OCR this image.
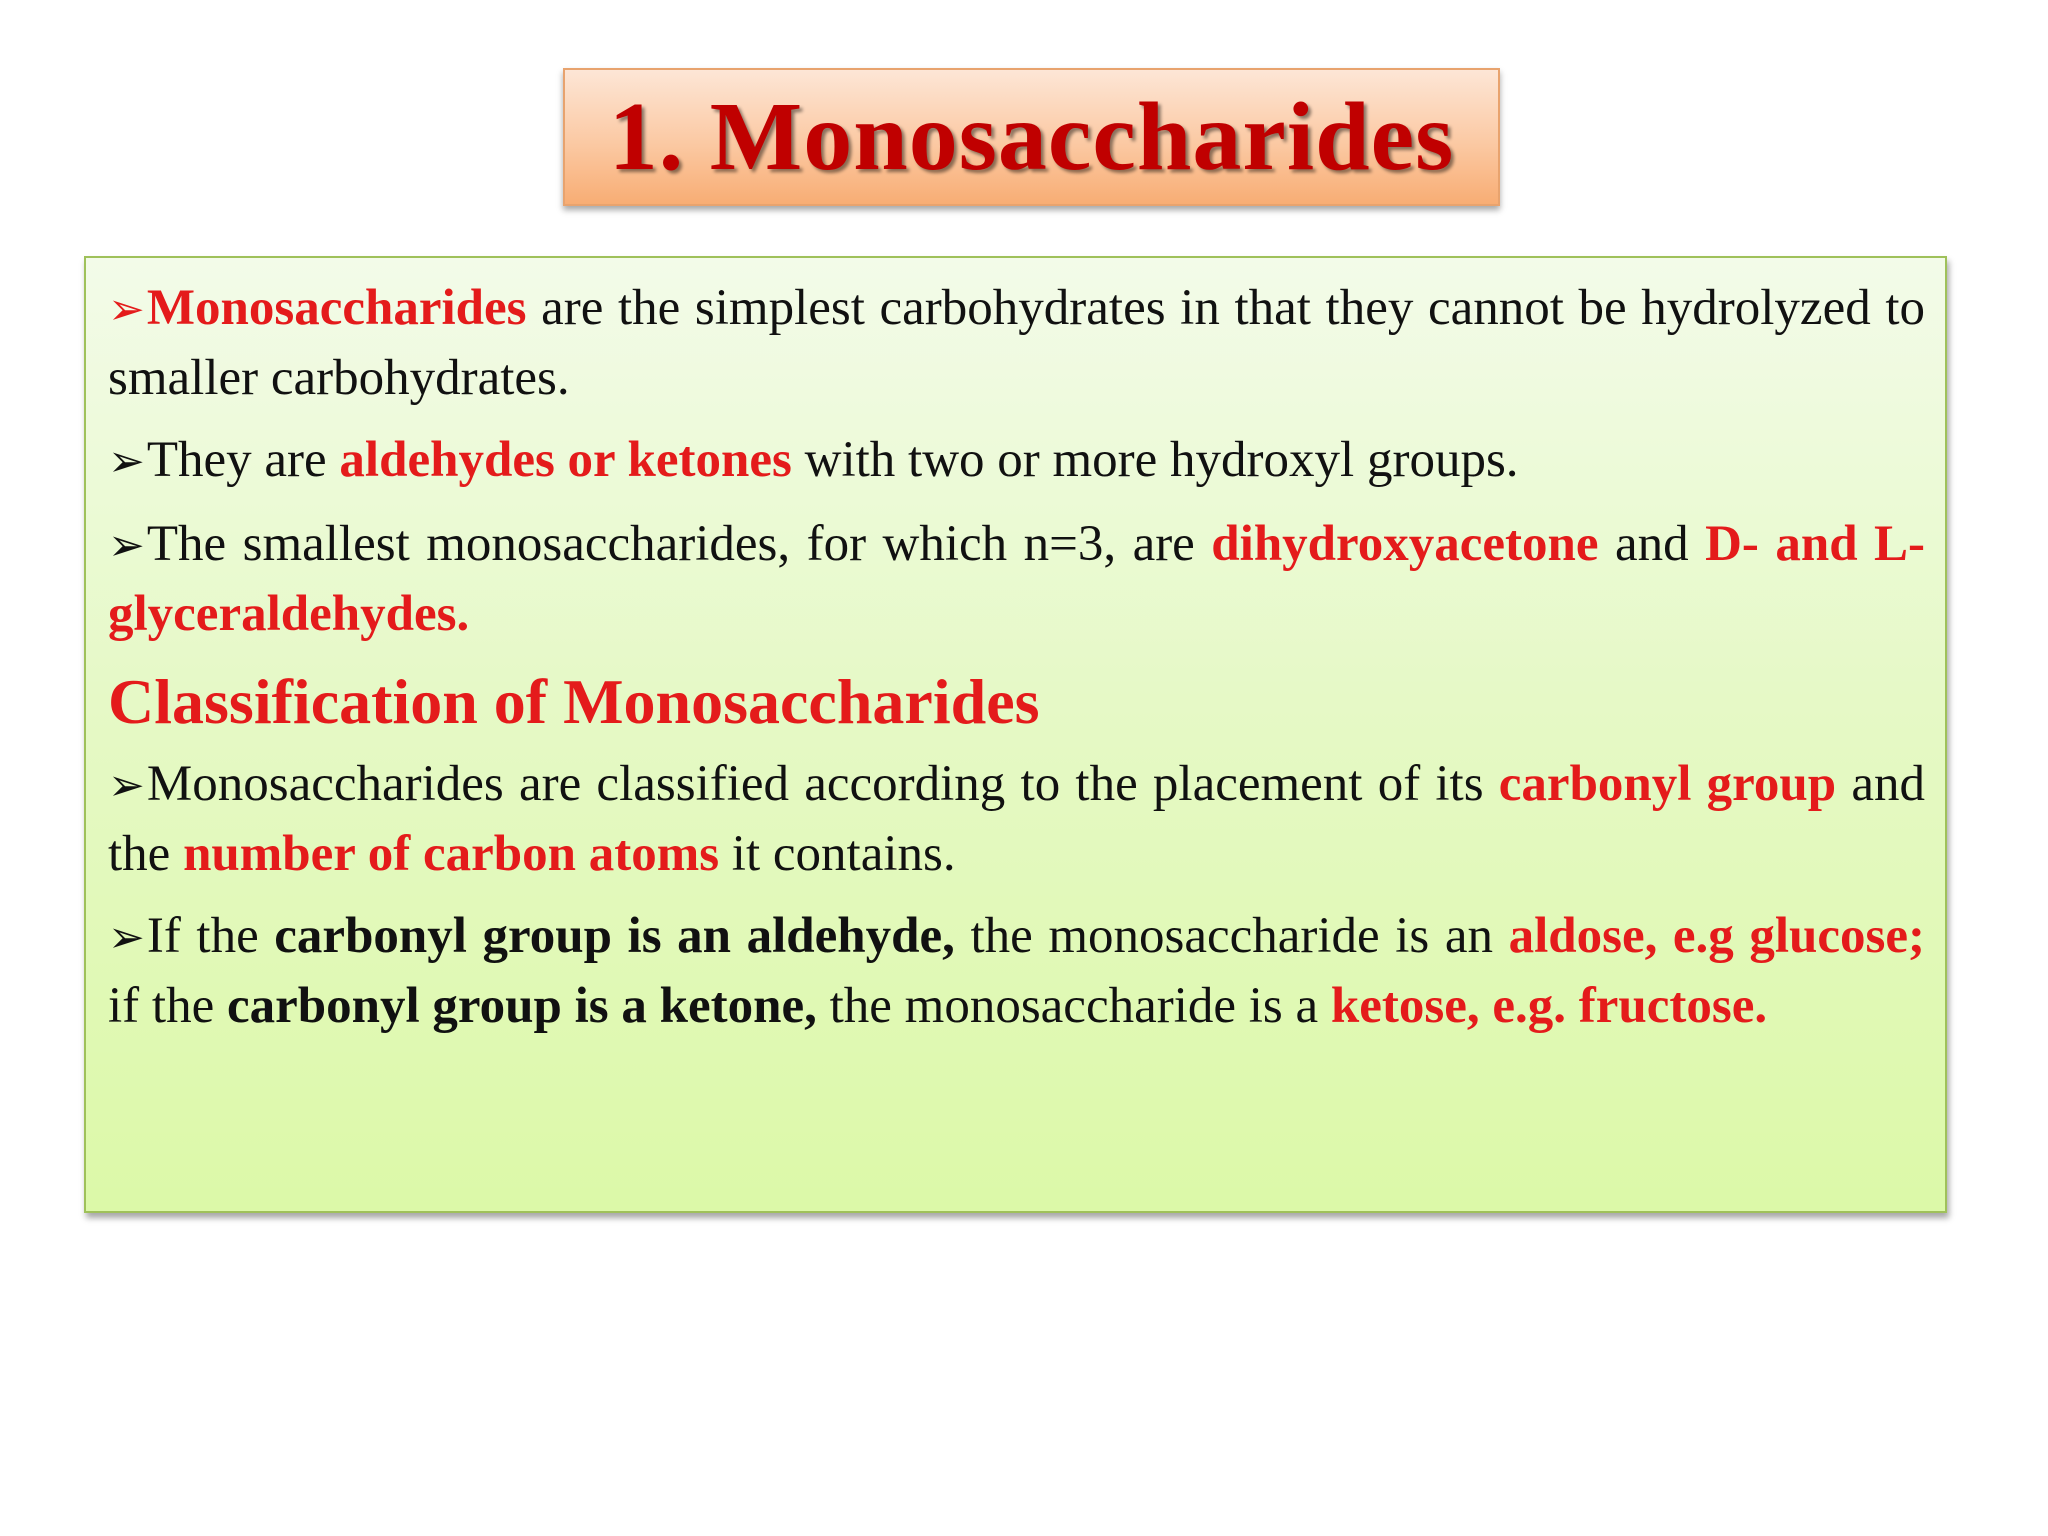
1. Monosaccharides

➢Monosaccharides are the simplest carbohydrates in that they cannot be hydrolyzed to smaller carbohydrates.

➢They are aldehydes or ketones with two or more hydroxyl groups.

➢The smallest monosaccharides, for which n=3, are dihydroxyacetone and D- and L-glyceraldehydes.

Classification of Monosaccharides

➢Monosaccharides are classified according to the placement of its carbonyl group and the number of carbon atoms it contains.

➢If the carbonyl group is an aldehyde, the monosaccharide is an aldose, e.g glucose; if the carbonyl group is a ketone, the monosaccharide is a ketose, e.g. fructose.
